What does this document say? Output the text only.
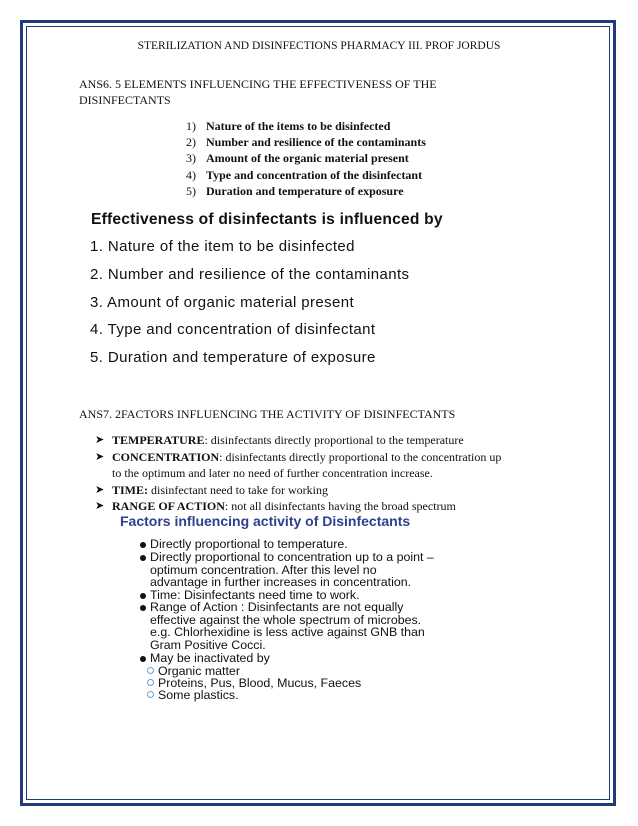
STERILIZATION AND DISINFECTIONS PHARMACY III. PROF JORDUS
ANS6. 5 ELEMENTS INFLUENCING THE EFFECTIVENESS OF THE
DISINFECTANTS
1) Nature of the items to be disinfected
2) Number and resilience of the contaminants
3) Amount of the organic material present
4) Type and concentration of the disinfectant
5) Duration and temperature of exposure
Effectiveness of disinfectants is influenced by
1. Nature of the item to be disinfected
2. Number and resilience of the contaminants
3. Amount of organic material present
4. Type and concentration of disinfectant
5. Duration and temperature of exposure
ANS7. 2FACTORS INFLUENCING THE ACTIVITY OF DISINFECTANTS
➤ TEMPERATURE: disinfectants directly proportional to the temperature
➤ CONCENTRATION: disinfectants directly proportional to the concentration up
to the optimum and later no need of further concentration increase.
➤ TIME: disinfectant need to take for working
➤ RANGE OF ACTION: not all disinfectants having the broad spectrum
Factors influencing activity of Disinfectants
Directly proportional to temperature.
Directly proportional to concentration up to a point –
optimum concentration. After this level no
advantage in further increases in concentration.
Time: Disinfectants need time to work.
Range of Action : Disinfectants are not equally
effective against the whole spectrum of microbes.
e.g. Chlorhexidine is less active against GNB than
Gram Positive Cocci.
May be inactivated by
Organic matter
Proteins, Pus, Blood, Mucus, Faeces
Some plastics.
